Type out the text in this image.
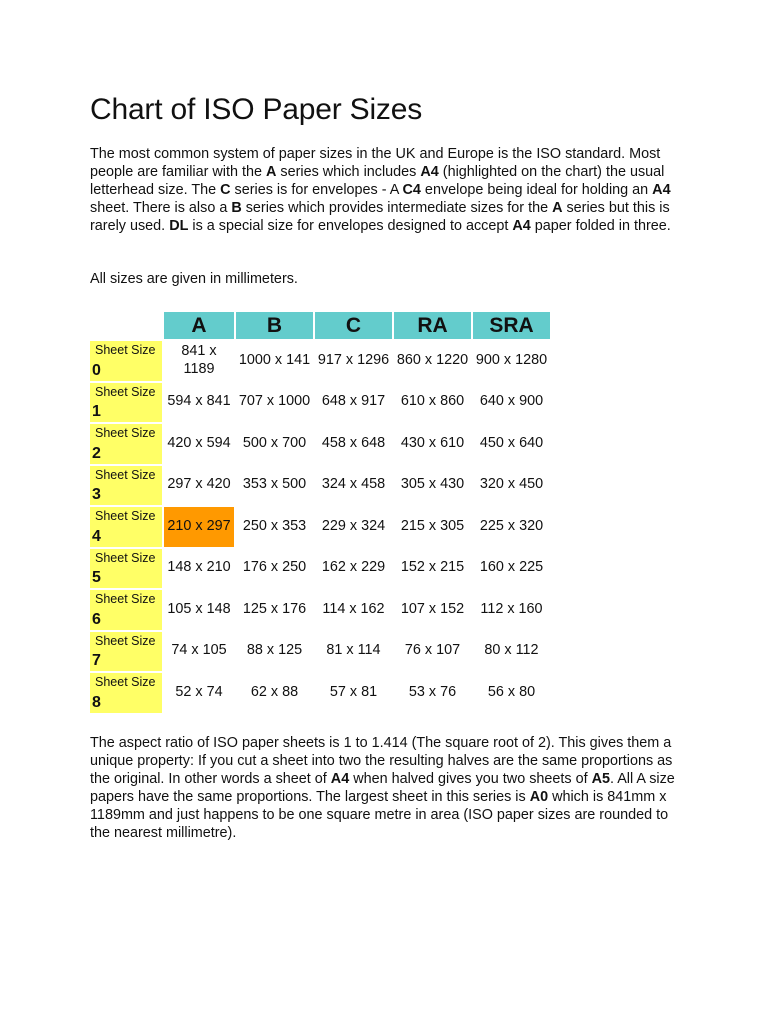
Chart of ISO Paper Sizes

The most common system of paper sizes in the UK and Europe is the ISO standard. Most people are familiar with the A series which includes A4 (highlighted on the chart) the usual letterhead size. The C series is for envelopes - A C4 envelope being ideal for holding an A4 sheet. There is also a B series which provides intermediate sizes for the A series but this is rarely used. DL is a special size for envelopes designed to accept A4 paper folded in three.

All sizes are given in millimeters.

	A	B	C	RA	SRA

Sheet Size
0	841 x 1189	1000 x 141	917 x 1296	860 x 1220	900 x 1280

Sheet Size
1	594 x 841	707 x 1000	648 x 917	610 x 860	640 x 900

Sheet Size
2	420 x 594	500 x 700	458 x 648	430 x 610	450 x 640

Sheet Size
3	297 x 420	353 x 500	324 x 458	305 x 430	320 x 450

Sheet Size
4	210 x 297	250 x 353	229 x 324	215 x 305	225 x 320

Sheet Size
5	148 x 210	176 x 250	162 x 229	152 x 215	160 x 225

Sheet Size
6	105 x 148	125 x 176	114 x 162	107 x 152	112 x 160

Sheet Size
7	74 x 105	88 x 125	81 x 114	76 x 107	80 x 112

Sheet Size
8	52 x 74	62 x 88	57 x 81	53 x 76	56 x 80

The aspect ratio of ISO paper sheets is 1 to 1.414 (The square root of 2). This gives them a unique property: If you cut a sheet into two the resulting halves are the same proportions as the original. In other words a sheet of A4 when halved gives you two sheets of A5. All A size papers have the same proportions. The largest sheet in this series is A0 which is 841mm x 1189mm and just happens to be one square metre in area (ISO paper sizes are rounded to the nearest millimetre).
